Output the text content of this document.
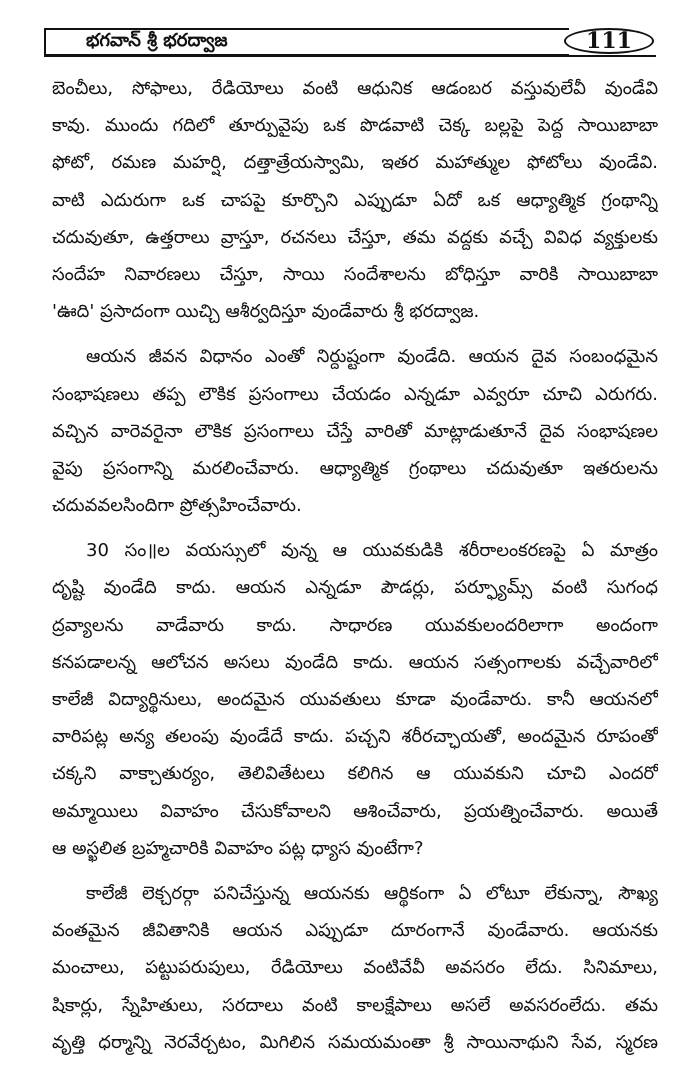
భగవాన్ శ్రీ భరద్వాజ	111
బెంచీలు, సోఫాలు, రేడియోలు వంటి ఆధునిక ఆడంబర వస్తువులేవీ వుండేవి
కావు. ముందు గదిలో తూర్పువైపు ఒక పొడవాటి చెక్క బల్లపై పెద్ద సాయిబాబా
ఫోటో, రమణ మహర్షి, దత్తాత్రేయస్వామి, ఇతర మహాత్ముల ఫోటోలు వుండేవి.
వాటి ఎదురుగా ఒక చాపపై కూర్చొని ఎప్పుడూ ఏదో ఒక ఆధ్యాత్మిక గ్రంథాన్ని
చదువుతూ, ఉత్తరాలు వ్రాస్తూ, రచనలు చేస్తూ, తమ వద్దకు వచ్చే వివిధ వ్యక్తులకు
సందేహ నివారణలు చేస్తూ, సాయి సందేశాలను బోధిస్తూ వారికి సాయిబాబా
'ఊది' ప్రసాదంగా యిచ్చి ఆశీర్వదిస్తూ వుండేవారు శ్రీ భరద్వాజ.
ఆయన జీవన విధానం ఎంతో నిర్దుష్టంగా వుండేది. ఆయన దైవ సంబంధమైన
సంభాషణలు తప్ప లౌకిక ప్రసంగాలు చేయడం ఎన్నడూ ఎవ్వరూ చూచి ఎరుగరు.
వచ్చిన వారెవరైనా లౌకిక ప్రసంగాలు చేస్తే వారితో మాట్లాడుతూనే దైవ సంభాషణల
వైపు ప్రసంగాన్ని మరలించేవారు. ఆధ్యాత్మిక గ్రంథాలు చదువుతూ ఇతరులను
చదువవలసిందిగా ప్రోత్సహించేవారు.
30 సం॥ల వయస్సులో వున్న ఆ యువకుడికి శరీరాలంకరణపై ఏ మాత్రం
దృష్టి వుండేది కాదు. ఆయన ఎన్నడూ పౌడర్లు, పర్ఫ్యూమ్స్ వంటి సుగంధ
ద్రవ్యాలను వాడేవారు కాదు. సాధారణ యువకులందరిలాగా అందంగా
కనపడాలన్న ఆలోచన అసలు వుండేది కాదు. ఆయన సత్సంగాలకు వచ్చేవారిలో
కాలేజీ విద్యార్థినులు, అందమైన యువతులు కూడా వుండేవారు. కానీ ఆయనలో
వారిపట్ల అన్య తలంపు వుండేదే కాదు. పచ్చని శరీరచ్ఛాయతో, అందమైన రూపంతో
చక్కని వాక్చాతుర్యం, తెలివితేటలు కలిగిన ఆ యువకుని చూచి ఎందరో
అమ్మాయిలు వివాహం చేసుకోవాలని ఆశించేవారు, ప్రయత్నించేవారు. అయితే
ఆ అస్ఖలిత బ్రహ్మచారికి వివాహం పట్ల ధ్యాస వుంటేగా?
కాలేజీ లెక్చరర్గా పనిచేస్తున్న ఆయనకు ఆర్థికంగా ఏ లోటూ లేకున్నా, సౌఖ్య
వంతమైన జీవితానికి ఆయన ఎప్పుడూ దూరంగానే వుండేవారు. ఆయనకు
మంచాలు, పట్టుపరుపులు, రేడియోలు వంటివేవీ అవసరం లేదు. సినిమాలు,
షికార్లు, స్నేహితులు, సరదాలు వంటి కాలక్షేపాలు అసలే అవసరంలేదు. తమ
వృత్తి ధర్మాన్ని నెరవేర్చటం, మిగిలిన సమయమంతా శ్రీ సాయినాథుని సేవ, స్మరణ
